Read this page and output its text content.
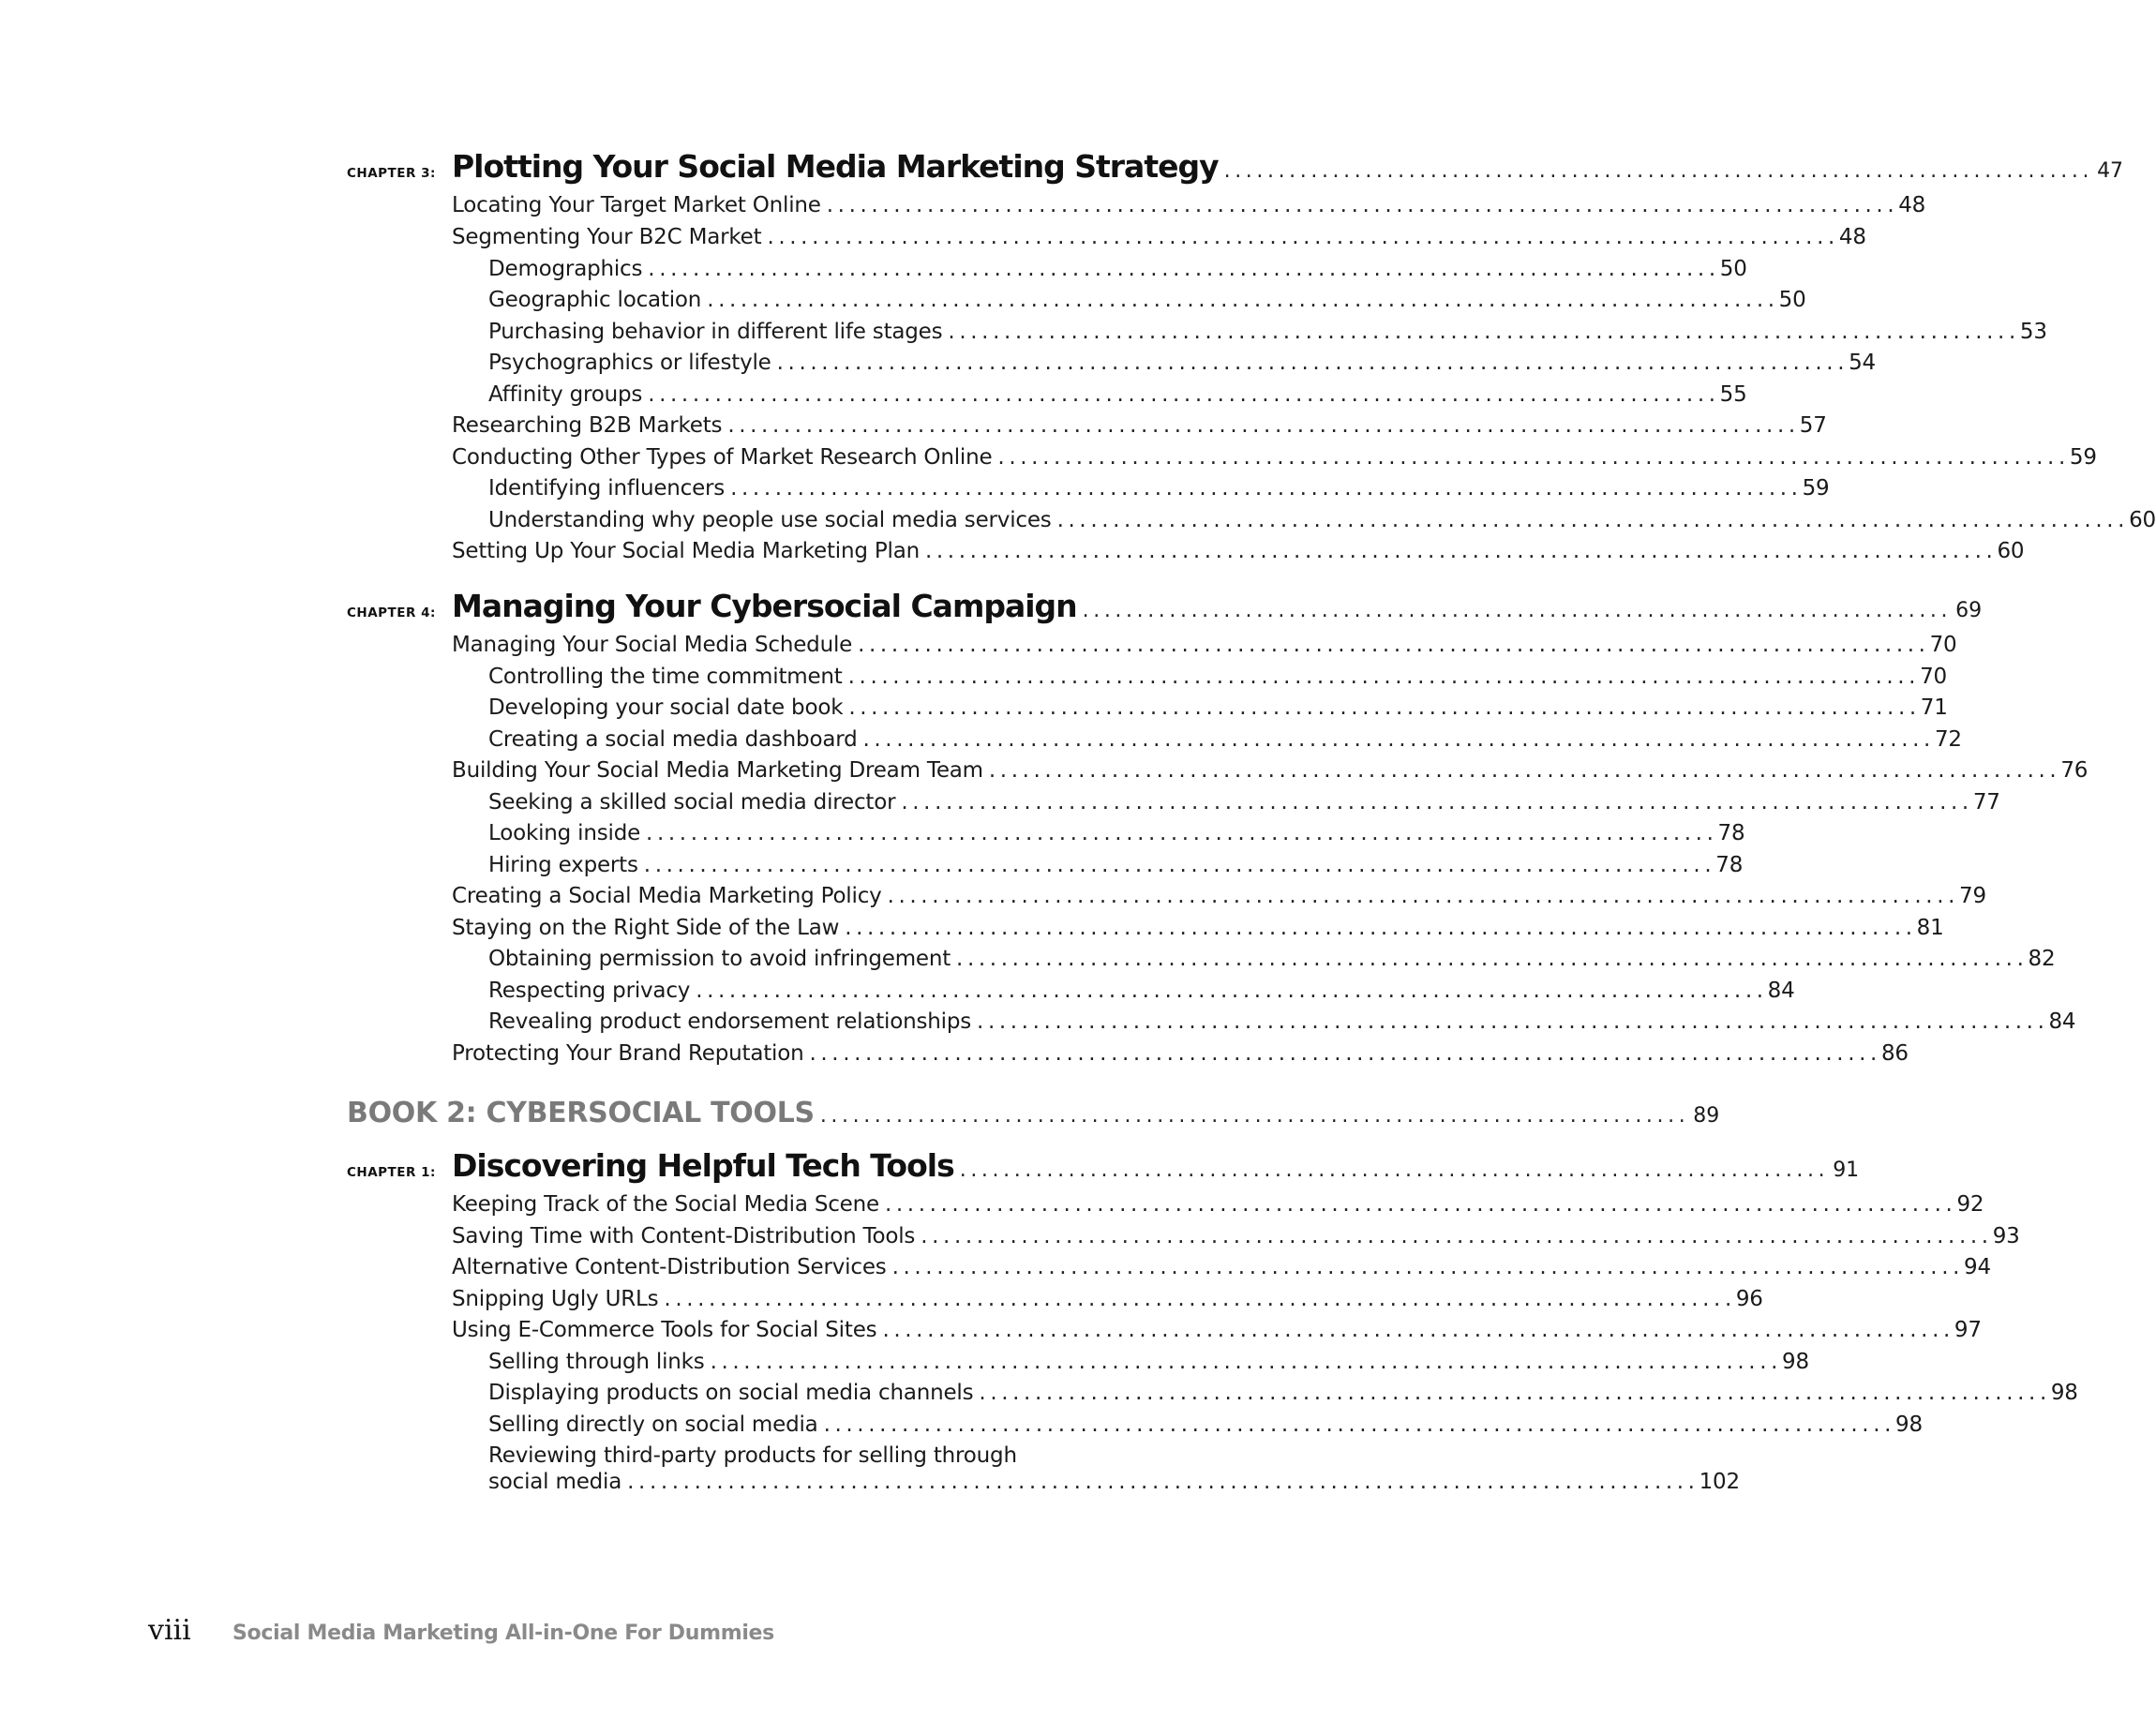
CHAPTER 3: Plotting Your Social Media Marketing Strategy ................................................................................ 47
Locating Your Target Market Online ................................................................................................ 48
Segmenting Your B2C Market ................................................................................................ 48
Demographics ................................................................................................ 50
Geographic location ................................................................................................ 50
Purchasing behavior in different life stages ................................................................................................ 53
Psychographics or lifestyle ................................................................................................ 54
Affinity groups ................................................................................................ 55
Researching B2B Markets ................................................................................................ 57
Conducting Other Types of Market Research Online ................................................................................................ 59
Identifying influencers ................................................................................................ 59
Understanding why people use social media services ................................................................................................ 60
Setting Up Your Social Media Marketing Plan ................................................................................................ 60
CHAPTER 4: Managing Your Cybersocial Campaign ................................................................................ 69
Managing Your Social Media Schedule ................................................................................................ 70
Controlling the time commitment ................................................................................................ 70
Developing your social date book ................................................................................................ 71
Creating a social media dashboard ................................................................................................ 72
Building Your Social Media Marketing Dream Team ................................................................................................ 76
Seeking a skilled social media director ................................................................................................ 77
Looking inside ................................................................................................ 78
Hiring experts ................................................................................................ 78
Creating a Social Media Marketing Policy ................................................................................................ 79
Staying on the Right Side of the Law ................................................................................................ 81
Obtaining permission to avoid infringement ................................................................................................ 82
Respecting privacy ................................................................................................ 84
Revealing product endorsement relationships ................................................................................................ 84
Protecting Your Brand Reputation ................................................................................................ 86
BOOK 2: CYBERSOCIAL TOOLS ................................................................................ 89
CHAPTER 1: Discovering Helpful Tech Tools ................................................................................ 91
Keeping Track of the Social Media Scene ................................................................................................ 92
Saving Time with Content-Distribution Tools ................................................................................................ 93
Alternative Content-Distribution Services ................................................................................................ 94
Snipping Ugly URLs ................................................................................................ 96
Using E-Commerce Tools for Social Sites ................................................................................................ 97
Selling through links ................................................................................................ 98
Displaying products on social media channels ................................................................................................ 98
Selling directly on social media ................................................................................................ 98
Reviewing third-party products for selling through
social media ................................................................................................ 102
viii Social Media Marketing All-in-One For Dummies
